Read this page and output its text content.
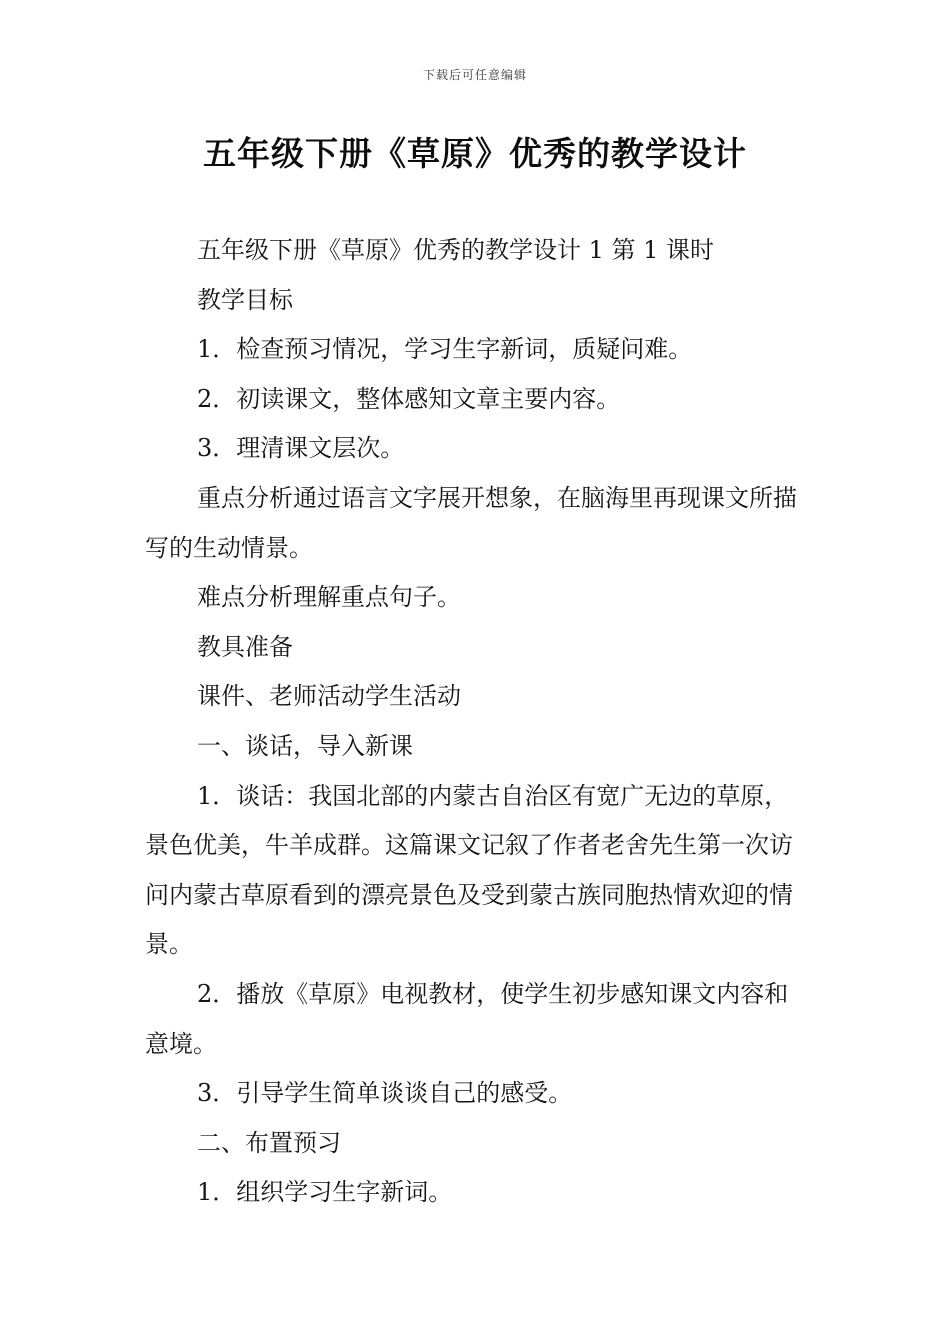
下载后可任意编辑
五年级下册《草原》优秀的教学设计

五年级下册《草原》优秀的教学设计 1 第 1 课时

教学目标

1．检查预习情况，学习生字新词，质疑问难。

2．初读课文，整体感知文章主要内容。

3．理清课文层次。

重点分析通过语言文字展开想象，在脑海里再现课文所描写的生动情景。

难点分析理解重点句子。

教具准备

课件、老师活动学生活动

一、谈话，导入新课

1．谈话：我国北部的内蒙古自治区有宽广无边的草原，景色优美，牛羊成群。这篇课文记叙了作者老舍先生第一次访问内蒙古草原看到的漂亮景色及受到蒙古族同胞热情欢迎的情景。

2．播放《草原》电视教材，使学生初步感知课文内容和意境。

3．引导学生简单谈谈自己的感受。

二、布置预习

1．组织学习生字新词。
